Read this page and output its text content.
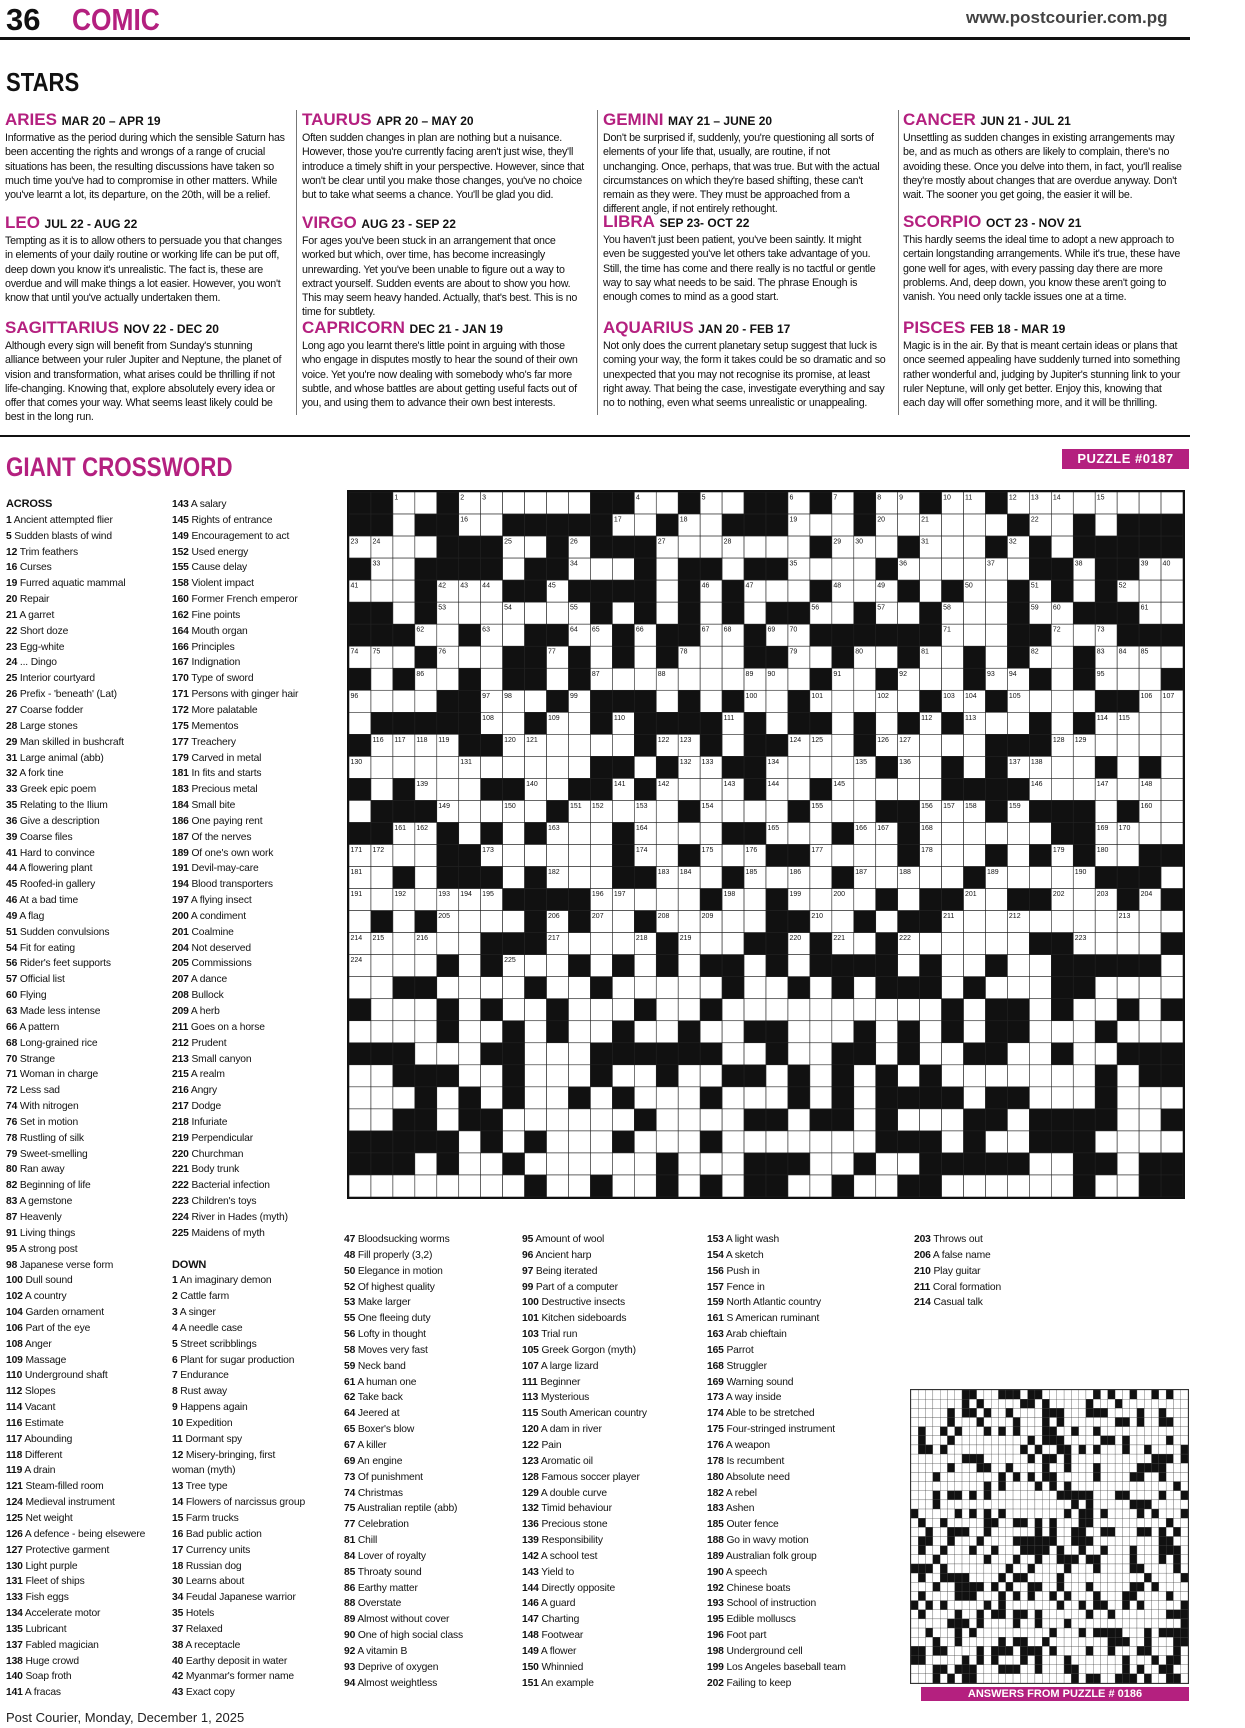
36 COMIC	www.postcourier.com.pg
STARS
ARIES MAR 20 – APR 19
Informative as the period during which the sensible Saturn has been accenting the rights and wrongs of a range of crucial situations has been, the resulting discussions have taken so much time you've had to compromise in other matters. While you've learnt a lot, its departure, on the 20th, will be a relief.
LEO JUL 22 - AUG 22
Tempting as it is to allow others to persuade you that changes in elements of your daily routine or working life can be put off, deep down you know it's unrealistic. The fact is, these are overdue and will make things a lot easier. However, you won't know that until you've actually undertaken them.
SAGITTARIUS NOV 22 - DEC 20
Although every sign will benefit from Sunday's stunning alliance between your ruler Jupiter and Neptune, the planet of vision and transformation, what arises could be thrilling if not life-changing. Knowing that, explore absolutely every idea or offer that comes your way. What seems least likely could be best in the long run.
TAURUS APR 20 – MAY 20
Often sudden changes in plan are nothing but a nuisance. However, those you're currently facing aren't just wise, they'll introduce a timely shift in your perspective. However, since that won't be clear until you make those changes, you've no choice but to take what seems a chance. You'll be glad you did.
VIRGO AUG 23 - SEP 22
For ages you've been stuck in an arrangement that once worked but which, over time, has become increasingly unrewarding. Yet you've been unable to figure out a way to extract yourself. Sudden events are about to show you how. This may seem heavy handed. Actually, that's best. This is no time for subtlety.
CAPRICORN DEC 21 - JAN 19
Long ago you learnt there's little point in arguing with those who engage in disputes mostly to hear the sound of their own voice. Yet you're now dealing with somebody who's far more subtle, and whose battles are about getting useful facts out of you, and using them to advance their own best interests.
GEMINI MAY 21 – JUNE 20
Don't be surprised if, suddenly, you're questioning all sorts of elements of your life that, usually, are routine, if not unchanging. Once, perhaps, that was true. But with the actual circumstances on which they're based shifting, these can't remain as they were. They must be approached from a different angle, if not entirely rethought.
LIBRA SEP 23- OCT 22
You haven't just been patient, you've been saintly. It might even be suggested you've let others take advantage of you. Still, the time has come and there really is no tactful or gentle way to say what needs to be said. The phrase Enough is enough comes to mind as a good start.
AQUARIUS JAN 20 - FEB 17
Not only does the current planetary setup suggest that luck is coming your way, the form it takes could be so dramatic and so unexpected that you may not recognise its promise, at least right away. That being the case, investigate everything and say no to nothing, even what seems unrealistic or unappealing.
CANCER JUN 21 - JUL 21
Unsettling as sudden changes in existing arrangements may be, and as much as others are likely to complain, there's no avoiding these. Once you delve into them, in fact, you'll realise they're mostly about changes that are overdue anyway. Don't wait. The sooner you get going, the easier it will be.
SCORPIO OCT 23 - NOV 21
This hardly seems the ideal time to adopt a new approach to certain longstanding arrangements. While it's true, these have gone well for ages, with every passing day there are more problems. And, deep down, you know these aren't going to vanish. You need only tackle issues one at a time.
PISCES FEB 18 - MAR 19
Magic is in the air. By that is meant certain ideas or plans that once seemed appealing have suddenly turned into something rather wonderful and, judging by Jupiter's stunning link to your ruler Neptune, will only get better. Enjoy this, knowing that each day will offer something more, and it will be thrilling.
GIANT CROSSWORD	PUZZLE #0187
ACROSS
1 Ancient attempted flier
5 Sudden blasts of wind
12 Trim feathers
16 Curses
19 Furred aquatic mammal
20 Repair
21 A garret
22 Short doze
23 Egg-white
24 ... Dingo
25 Interior courtyard
26 Prefix - 'beneath' (Lat)
27 Coarse fodder
28 Large stones
29 Man skilled in bushcraft
31 Large animal (abb)
32 A fork tine
33 Greek epic poem
35 Relating to the Ilium
36 Give a description
39 Coarse files
41 Hard to convince
44 A flowering plant
45 Roofed-in gallery
46 At a bad time
49 A flag
51 Sudden convulsions
54 Fit for eating
56 Rider's feet supports
57 Official list
60 Flying
63 Made less intense
66 A pattern
68 Long-grained rice
70 Strange
71 Woman in charge
72 Less sad
74 With nitrogen
76 Set in motion
78 Rustling of silk
79 Sweet-smelling
80 Ran away
82 Beginning of life
83 A gemstone
87 Heavenly
91 Living things
95 A strong post
98 Japanese verse form
100 Dull sound
102 A country
104 Garden ornament
106 Part of the eye
108 Anger
109 Massage
110 Underground shaft
112 Slopes
114 Vacant
116 Estimate
117 Abounding
118 Different
119 A drain
121 Steam-filled room
124 Medieval instrument
125 Net weight
126 A defence - being elsewere
127 Protective garment
130 Light purple
131 Fleet of ships
133 Fish eggs
134 Accelerate motor
135 Lubricant
137 Fabled magician
138 Huge crowd
140 Soap froth
141 A fracas
143 A salary
145 Rights of entrance
149 Encouragement to act
152 Used energy
155 Cause delay
158 Violent impact
160 Former French emperor
162 Fine points
164 Mouth organ
166 Principles
167 Indignation
170 Type of sword
171 Persons with ginger hair
172 More palatable
175 Mementos
177 Treachery
179 Carved in metal
181 In fits and starts
183 Precious metal
184 Small bite
186 One paying rent
187 Of the nerves
189 Of one's own work
191 Devil-may-care
194 Blood transporters
197 A flying insect
200 A condiment
201 Coalmine
204 Not deserved
205 Commissions
207 A dance
208 Bullock
209 A herb
211 Goes on a horse
212 Prudent
213 Small canyon
215 A realm
216 Angry
217 Dodge
218 Infuriate
219 Perpendicular
220 Churchman
221 Body trunk
222 Bacterial infection
223 Children's toys
224 River in Hades (myth)
225 Maidens of myth

DOWN
1 An imaginary demon
2 Cattle farm
3 A singer
4 A needle case
5 Street scribblings
6 Plant for sugar production
7 Endurance
8 Rust away
9 Happens again
10 Expedition
11 Dormant spy
12 Misery-bringing, first
woman (myth)
13 Tree type
14 Flowers of narcissus group
15 Farm trucks
16 Bad public action
17 Currency units
18 Russian dog
30 Learns about
34 Feudal Japanese warrior
35 Hotels
37 Relaxed
38 A receptacle
40 Earthy deposit in water
42 Myanmar's former name
43 Exact copy
47 Bloodsucking worms
48 Fill properly (3,2)
50 Elegance in motion
52 Of highest quality
53 Make larger
55 One fleeing duty
56 Lofty in thought
58 Moves very fast
59 Neck band
61 A human one
62 Take back
64 Jeered at
65 Boxer's blow
67 A killer
69 An engine
73 Of punishment
74 Christmas
75 Australian reptile (abb)
77 Celebration
81 Chill
84 Lover of royalty
85 Throaty sound
86 Earthy matter
88 Overstate
89 Almost without cover
90 One of high social class
92 A vitamin B
93 Deprive of oxygen
94 Almost weightless
95 Amount of wool
96 Ancient harp
97 Being iterated
99 Part of a computer
100 Destructive insects
101 Kitchen sideboards
103 Trial run
105 Greek Gorgon (myth)
107 A large lizard
111 Beginner
113 Mysterious
115 South American country
120 A dam in river
122 Pain
123 Aromatic oil
128 Famous soccer player
129 A double curve
132 Timid behaviour
136 Precious stone
139 Responsibility
142 A school test
143 Yield to
144 Directly opposite
146 A guard
147 Charting
148 Footwear
149 A flower
150 Whinnied
151 An example
153 A light wash
154 A sketch
156 Push in
157 Fence in
159 North Atlantic country
161 S American ruminant
163 Arab chieftain
165 Parrot
168 Struggler
169 Warning sound
173 A way inside
174 Able to be stretched
175 Four-stringed instrument
176 A weapon
178 Is recumbent
180 Absolute need
182 A rebel
183 Ashen
185 Outer fence
188 Go in wavy motion
189 Australian folk group
190 A speech
192 Chinese boats
193 School of instruction
195 Edible molluscs
196 Foot part
198 Underground cell
199 Los Angeles baseball team
202 Failing to keep
203 Throws out
206 A false name
210 Play guitar
211 Coral formation
214 Casual talk
1	2	3	4	5	6	7	8	9	10 11	12 13 14	15
16	17	18	19	20	21	22
23 24	25	26	27	28	29 30	31	32
33	34	35	36	37	38	39 40
41	42 43 44	45	46	47	48	49	50	51	52
53	54	55	56	57	58	59 60	61
62	63	64 65	66	67 68	69 70	71	72	73
74 75	76	77	78	79	80	81	82	83 84 85
86	87	88	89 90	91	92	93 94	95
96	97 98	99	100	101	102	103 104	105	106 107
108	109	110	111	112	113	114 115
116 117 118 119	120 121	122 123	124 125	126 127	128 129
130	131	132 133	134	135	136	137 138
139	140	141	142	143	144	145	146	147	148
149	150	151 152	153	154	155	156 157 158	159	160
161 162	163	164	165	166 167	168	169 170
171 172	173	174	175	176	177	178	179	180
181	182	183 184	185	186	187	188	189	190
191	192	193 194 195	196 197	198	199	200	201	202	203	204
205	206	207	208	209	210	211	212	213
214 215	216	217	218	219	220	221	222	223
224	225
ANSWERS FROM PUZZLE # 0186
Post Courier, Monday, December 1, 2025
